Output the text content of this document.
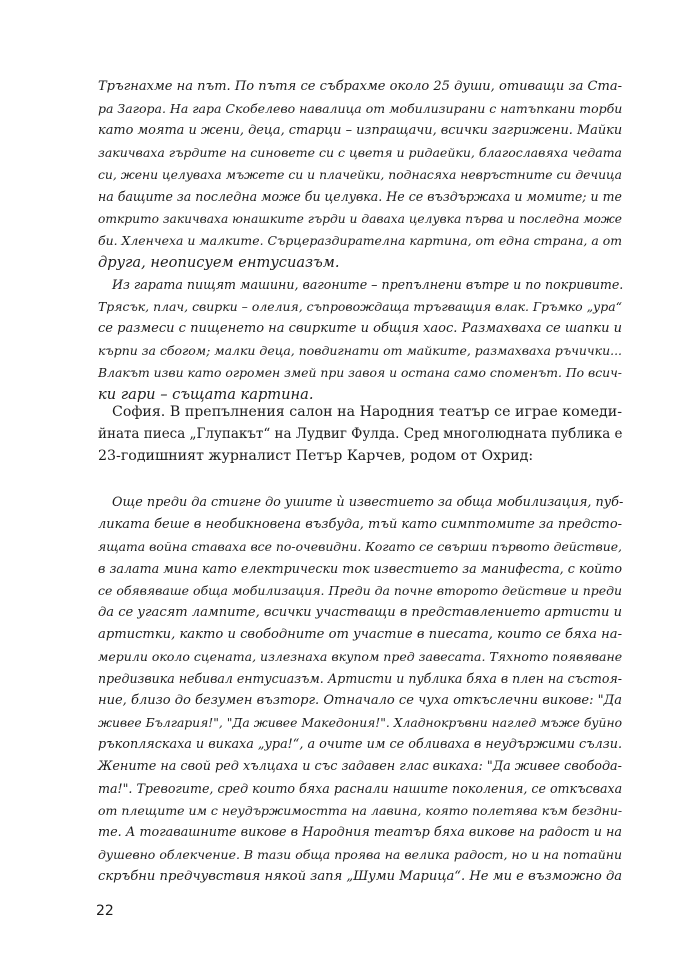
Тръгнахме на път. По пътя се събрахме около 25 души, отиващи за Ста-
ра Загора. На гара Скобелево навалица от мобилизирани с натъпкани торби
като моята и жени, деца, старци – изпращачи, всички загрижени. Майки
закичваха гърдите на синовете си с цветя и ридаейки, благославяха чедата
си, жени целуваха мъжете си и плачейки, поднасяха невръстните си дечица
на бащите за последна може би целувка. Не се въздържаха и момите; и те
открито закичваха юнашките гърди и даваха целувка първа и последна може
би. Хленчеха и малките. Сърцераздирателна картина, от една страна, а от
друга, неописуем ентусиазъм.
Из гарата пищят машини, вагоните – препълнени вътре и по покривите.
Трясък, плач, свирки – олелия, съпровождаща тръгващия влак. Гръмко „ура“
се размеси с пищенето на свирките и общия хаос. Размахваха се шапки и
кърпи за сбогом; малки деца, повдигнати от майките, размахваха ръчички...
Влакът изви като огромен змей при завоя и остана само споменът. По всич-
ки гари – същата картина.
София. В препълнения салон на Народния театър се играе комеди-
йната пиеса „Глупакът“ на Лудвиг Фулда. Сред многолюдната публика е
23-годишният журналист Петър Карчев, родом от Охрид:
Още преди да стигне до ушите ѝ известието за обща мобилизация, пуб-
ликата беше в необикновена възбуда, тъй като симптомите за предсто-
ящата война ставаха все по-очевидни. Когато се свърши първото действие,
в залата мина като електрически ток известието за манифеста, с който
се обявяваше обща мобилизация. Преди да почне второто действие и преди
да се угасят лампите, всички участващи в представлението артисти и
артистки, както и свободните от участие в пиесата, които се бяха на-
мерили около сцената, излезнаха вкупом пред завесата. Тяхното появяване
предизвика небивал ентусиазъм. Артисти и публика бяха в плен на състоя-
ние, близо до безумен възторг. Отначало се чуха откъслечни викове: "Да
живее България!", "Да живее Македония!". Хладнокръвни наглед мъже буйно
ръкопляскаха и викаха „ура!“, а очите им се обливаха в неудържими сълзи.
Жените на свой ред хълцаха и със задавен глас викаха: "Да живее свобода-
та!". Тревогите, сред които бяха раснали нашите поколения, се откъсваха
от плещите им с неудържимостта на лавина, която полетява към бездни-
те. А тогавашните викове в Народния театър бяха викове на радост и на
душевно облекчение. В тази обща проява на велика радост, но и на потайни
скръбни предчувствия някой запя „Шуми Марица“. Не ми е възможно да
22
